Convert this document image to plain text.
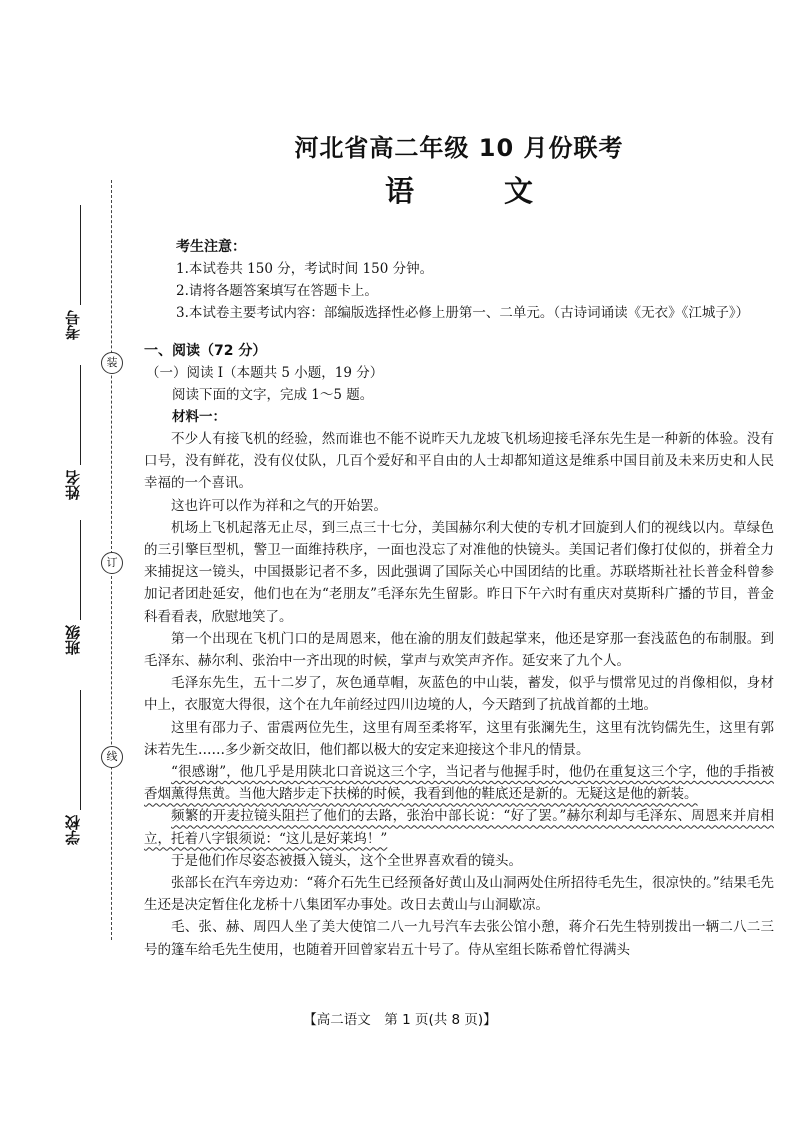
考号
姓名
班级
学校
装
订
线
河北省高二年级 10 月份联考
语 文
考生注意：

1.本试卷共 150 分，考试时间 150 分钟。

2.请将各题答案填写在答题卡上。

3.本试卷主要考试内容：部编版选择性必修上册第一、二单元。（古诗词诵读《无衣》《江城子》）

一、阅读（72 分）
（一）阅读 Ⅰ（本题共 5 小题，19 分）
阅读下面的文字，完成 1～5 题。
材料一：

不少人有接飞机的经验，然而谁也不能不说昨天九龙坡飞机场迎接毛泽东先生是一种新的体验。没有口号，没有鲜花，没有仪仗队，几百个爱好和平自由的人士却都知道这是维系中国目前及未来历史和人民幸福的一个喜讯。

这也许可以作为祥和之气的开始罢。

机场上飞机起落无止尽，到三点三十七分，美国赫尔利大使的专机才回旋到人们的视线以内。草绿色的三引擎巨型机，警卫一面维持秩序，一面也没忘了对准他的快镜头。美国记者们像打仗似的，拼着全力来捕捉这一镜头，中国摄影记者不多，因此强调了国际关心中国团结的比重。苏联塔斯社社长普金科曾参加记者团赴延安，他们也在为“老朋友”毛泽东先生留影。昨日下午六时有重庆对莫斯科广播的节目，普金科看看表，欣慰地笑了。

第一个出现在飞机门口的是周恩来，他在渝的朋友们鼓起掌来，他还是穿那一套浅蓝色的布制服。到毛泽东、赫尔利、张治中一齐出现的时候，掌声与欢笑声齐作。延安来了九个人。

毛泽东先生，五十二岁了，灰色通草帽，灰蓝色的中山装，蓄发，似乎与惯常见过的肖像相似，身材中上，衣服宽大得很，这个在九年前经过四川边境的人，今天踏到了抗战首都的土地。

这里有邵力子、雷震两位先生，这里有周至柔将军，这里有张澜先生，这里有沈钧儒先生，这里有郭沫若先生……多少新交故旧，他们都以极大的安定来迎接这个非凡的情景。

“很感谢”，他几乎是用陕北口音说这三个字，当记者与他握手时，他仍在重复这三个字，他的手指被香烟薰得焦黄。当他大踏步走下扶梯的时候，我看到他的鞋底还是新的。无疑这是他的新装。

频繁的开麦拉镜头阻拦了他们的去路，张治中部长说：“好了罢。”赫尔利却与毛泽东、周恩来并肩相立，托着八字银须说：“这儿是好莱坞！”

于是他们作尽姿态被摄入镜头，这个全世界喜欢看的镜头。

张部长在汽车旁边劝：“蒋介石先生已经预备好黄山及山洞两处住所招待毛先生，很凉快的。”结果毛先生还是决定暂住化龙桥十八集团军办事处。改日去黄山与山洞歇凉。

毛、张、赫、周四人坐了美大使馆二八一九号汽车去张公馆小憩，蒋介石先生特别拨出一辆二八二三号的篷车给毛先生使用，也随着开回曾家岩五十号了。侍从室组长陈希曾忙得满头

【高二语文　第 1 页(共 8 页)】
